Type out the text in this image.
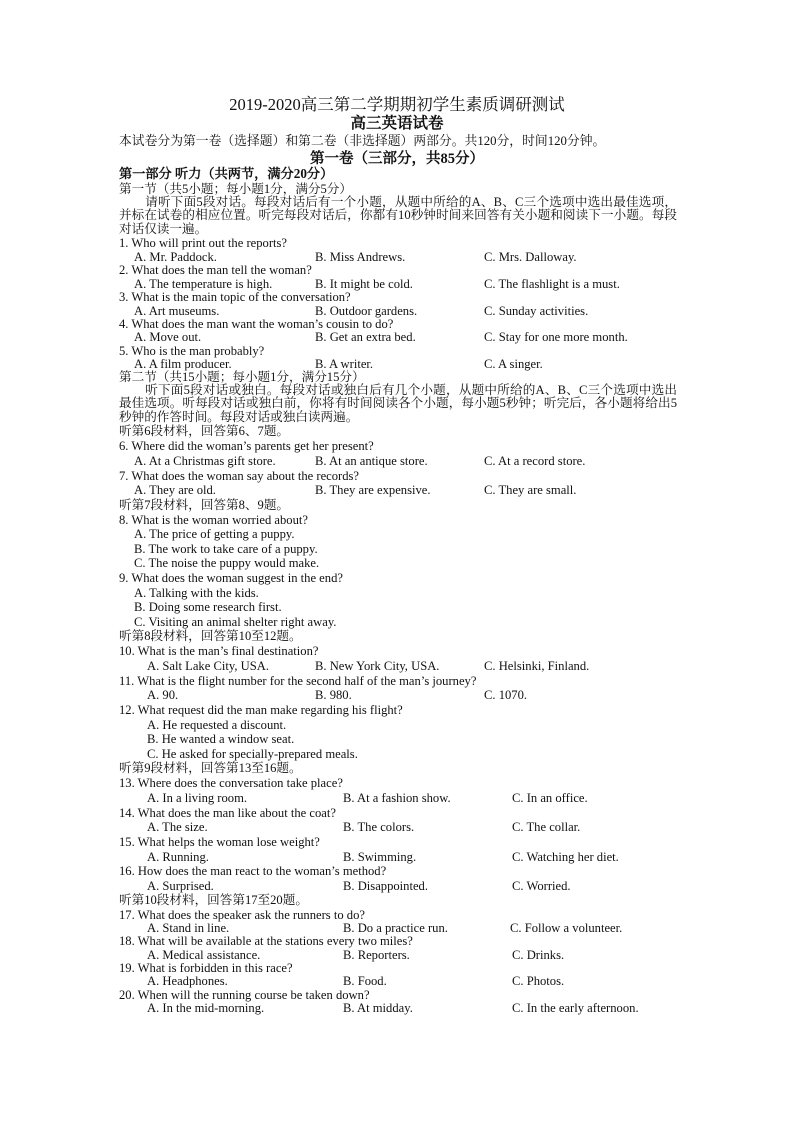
2019-2020高三第二学期期初学生素质调研测试
高三英语试卷
本试卷分为第一卷（选择题）和第二卷（非选择题）两部分。共120分，时间120分钟。
第一卷（三部分，共85分）
第一部分 听力（共两节，满分20分）
第一节（共5小题；每小题1分，满分5分）
请听下面5段对话。每段对话后有一个小题，从题中所给的A、B、C三个选项中选出最佳选项，并标在试卷的相应位置。听完每段对话后，你都有10秒钟时间来回答有关小题和阅读下一小题。每段对话仅读一遍。
1. Who will print out the reports?
A. Mr. Paddock.	B. Miss Andrews.	C. Mrs. Dalloway.
2. What does the man tell the woman?
A. The temperature is high.	B. It might be cold.	C. The flashlight is a must.
3. What is the main topic of the conversation?
A. Art museums.	B. Outdoor gardens.	C. Sunday activities.
4. What does the man want the woman’s cousin to do?
A. Move out.	B. Get an extra bed.	C. Stay for one more month.
5. Who is the man probably?
A. A film producer.	B. A writer.	C. A singer.
第二节（共15小题；每小题1分，满分15分）
听下面5段对话或独白。每段对话或独白后有几个小题，从题中所给的A、B、C三个选项中选出最佳选项。听每段对话或独白前，你将有时间阅读各个小题，每小题5秒钟；听完后，各小题将给出5秒钟的作答时间。每段对话或独白读两遍。
听第6段材料，回答第6、7题。
6. Where did the woman’s parents get her present?
A. At a Christmas gift store.	B. At an antique store.	C. At a record store.
7. What does the woman say about the records?
A. They are old.	B. They are expensive.	C. They are small.
听第7段材料，回答第8、9题。
8. What is the woman worried about?
A. The price of getting a puppy.
B. The work to take care of a puppy.
C. The noise the puppy would make.
9. What does the woman suggest in the end?
A. Talking with the kids.
B. Doing some research first.
C. Visiting an animal shelter right away.
听第8段材料，回答第10至12题。
10. What is the man’s final destination?
A. Salt Lake City, USA.	B. New York City, USA.	C. Helsinki, Finland.
11. What is the flight number for the second half of the man’s journey?
A. 90.	B. 980.	C. 1070.
12. What request did the man make regarding his flight?
A. He requested a discount.
B. He wanted a window seat.
C. He asked for specially-prepared meals.
听第9段材料，回答第13至16题。
13. Where does the conversation take place?
A. In a living room.	B. At a fashion show.	C. In an office.
14. What does the man like about the coat?
A. The size.	B. The colors.	C. The collar.
15. What helps the woman lose weight?
A. Running.	B. Swimming.	C. Watching her diet.
16. How does the man react to the woman’s method?
A. Surprised.	B. Disappointed.	C. Worried.
听第10段材料，回答第17至20题。
17. What does the speaker ask the runners to do?
A. Stand in line.	B. Do a practice run.	C. Follow a volunteer.
18. What will be available at the stations every two miles?
A. Medical assistance.	B. Reporters.	C. Drinks.
19. What is forbidden in this race?
A. Headphones.	B. Food.	C. Photos.
20. When will the running course be taken down?
A. In the mid-morning.	B. At midday.	C. In the early afternoon.
